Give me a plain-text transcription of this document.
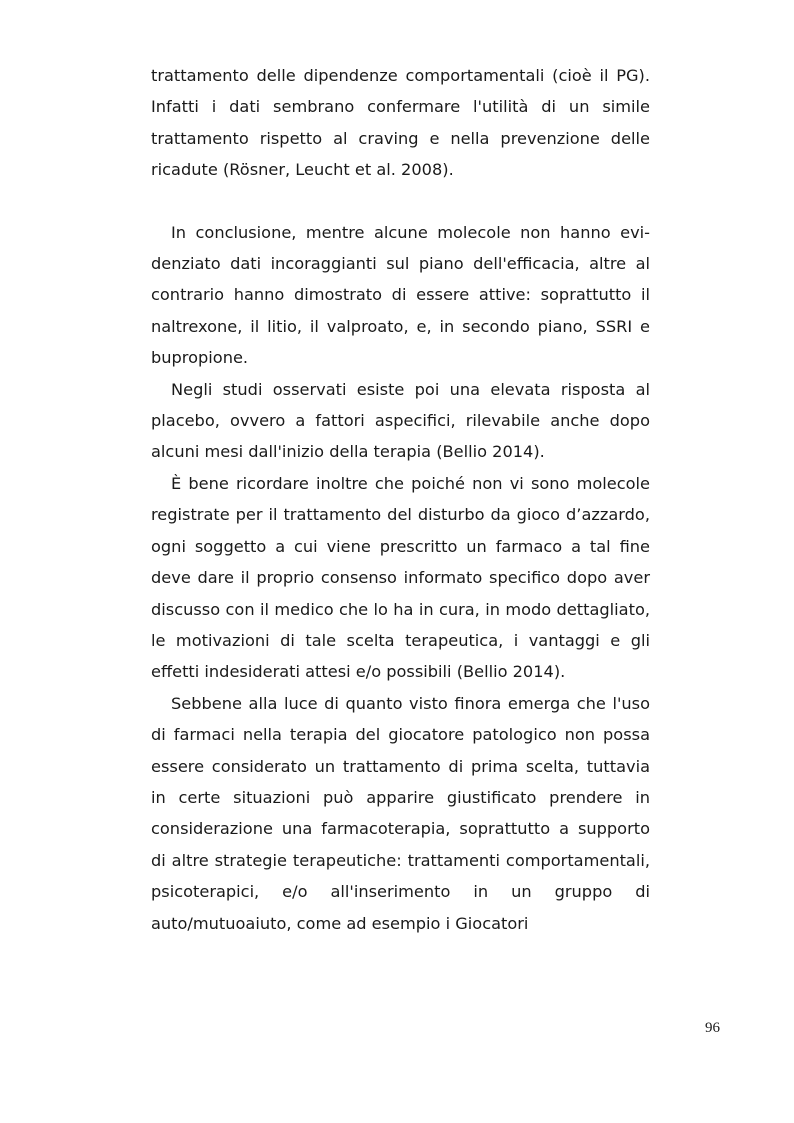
trattamento delle dipendenze comportamentali (cioè il PG). Infatti i dati sembrano confermare l'utilità di un simile trattamento rispetto al craving e nella prevenzione delle ricadute (Rösner, Leucht et al. 2008).

In conclusione, mentre alcune molecole non hanno evidenziato dati incoraggianti sul piano dell'efficacia, altre al contrario hanno dimostrato di essere attive: soprattutto il naltrexone, il litio, il valproato, e, in secondo piano, SSRI e bupropione.

Negli studi osservati esiste poi una elevata risposta al placebo, ovvero a fattori aspecifici, rilevabile anche dopo alcuni mesi dall'inizio della terapia (Bellio 2014).

È bene ricordare inoltre che poiché non vi sono molecole registrate per il trattamento del disturbo da gioco d’azzardo, ogni soggetto a cui viene prescritto un farmaco a tal fine deve dare il proprio consenso informato specifico dopo aver discusso con il medico che lo ha in cura, in modo dettagliato, le motivazioni di tale scelta terapeutica, i vantaggi e gli effetti indesiderati attesi e/o possibili (Bellio 2014).

Sebbene alla luce di quanto visto finora emerga che l'uso di farmaci nella terapia del giocatore patologico non possa essere considerato un trattamento di prima scelta, tuttavia in certe situazioni può apparire giustificato prendere in considerazione una farmacoterapia, soprattutto a supporto di altre strategie terapeutiche: trattamenti comportamentali, psicoterapici, e/o all'inserimento in un gruppo di auto/mutuoaiuto, come ad esempio i Giocatori

96
